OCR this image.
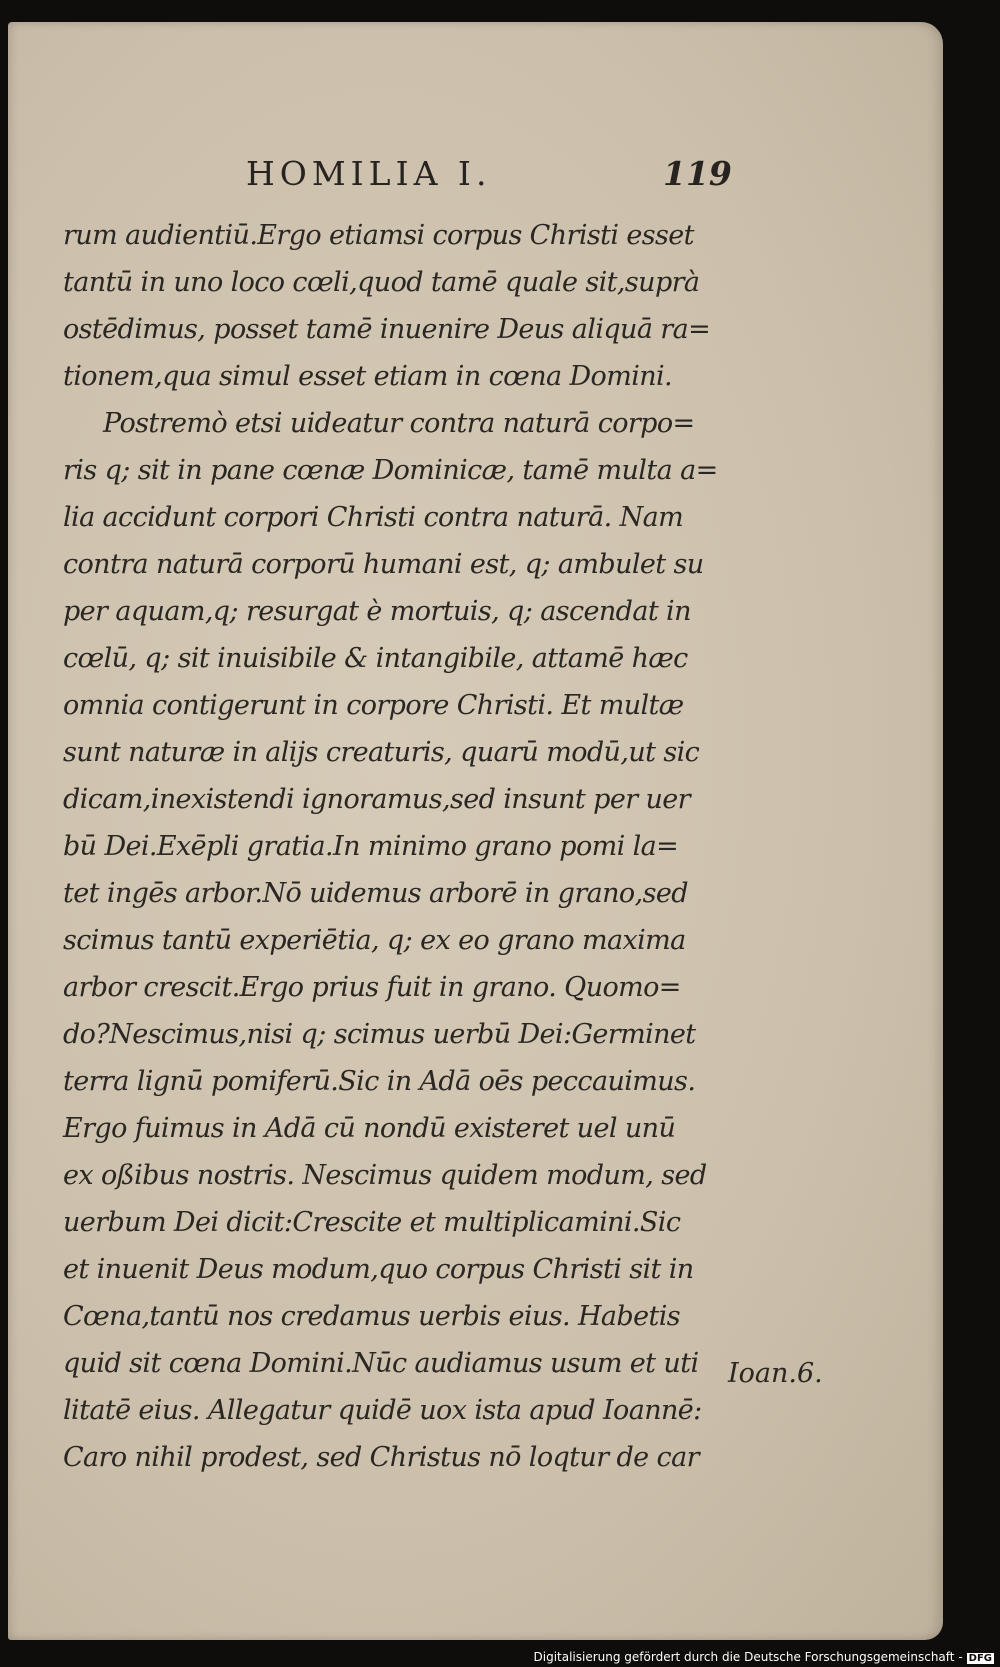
HOMILIA I.	119
rum audientiū.Ergo etiamsi corpus Christi esset
tantū in uno loco cœli,quod tamē quale sit,suprà
ostēdimus, posset tamē inuenire Deus aliquā ra=
tionem,qua simul esset etiam in cœna Domini.
Postremò etsi uideatur contra naturā corpo=
ris q; sit in pane cœnæ Dominicæ, tamē multa a=
lia accidunt corpori Christi contra naturā. Nam
contra naturā corporū humani est, q; ambulet su
per aquam,q; resurgat è mortuis, q; ascendat in
cœlū, q; sit inuisibile & intangibile, attamē hæc
omnia contigerunt in corpore Christi. Et multæ
sunt naturæ in alijs creaturis, quarū modū,ut sic
dicam,inexistendi ignoramus,sed insunt per uer
bū Dei.Exēpli gratia.In minimo grano pomi la=
tet ingēs arbor.Nō uidemus arborē in grano,sed
scimus tantū experiētia, q; ex eo grano maxima
arbor crescit.Ergo prius fuit in grano. Quomo=
do?Nescimus,nisi q; scimus uerbū Dei:Germinet
terra lignū pomiferū.Sic in Adā oēs peccauimus.
Ergo fuimus in Adā cū nondū existeret uel unū
ex oßibus nostris. Nescimus quidem modum, sed
uerbum Dei dicit:Crescite et multiplicamini.Sic
et inuenit Deus modum,quo corpus Christi sit in
Cœna,tantū nos credamus uerbis eius. Habetis
quid sit cœna Domini.Nūc audiamus usum et uti
litatē eius. Allegatur quidē uox ista apud Ioannē:
Caro nihil prodest, sed Christus nō loqtur de car
Ioan.6.
Digitalisierung gefördert durch die Deutsche Forschungsgemeinschaft - DFG
